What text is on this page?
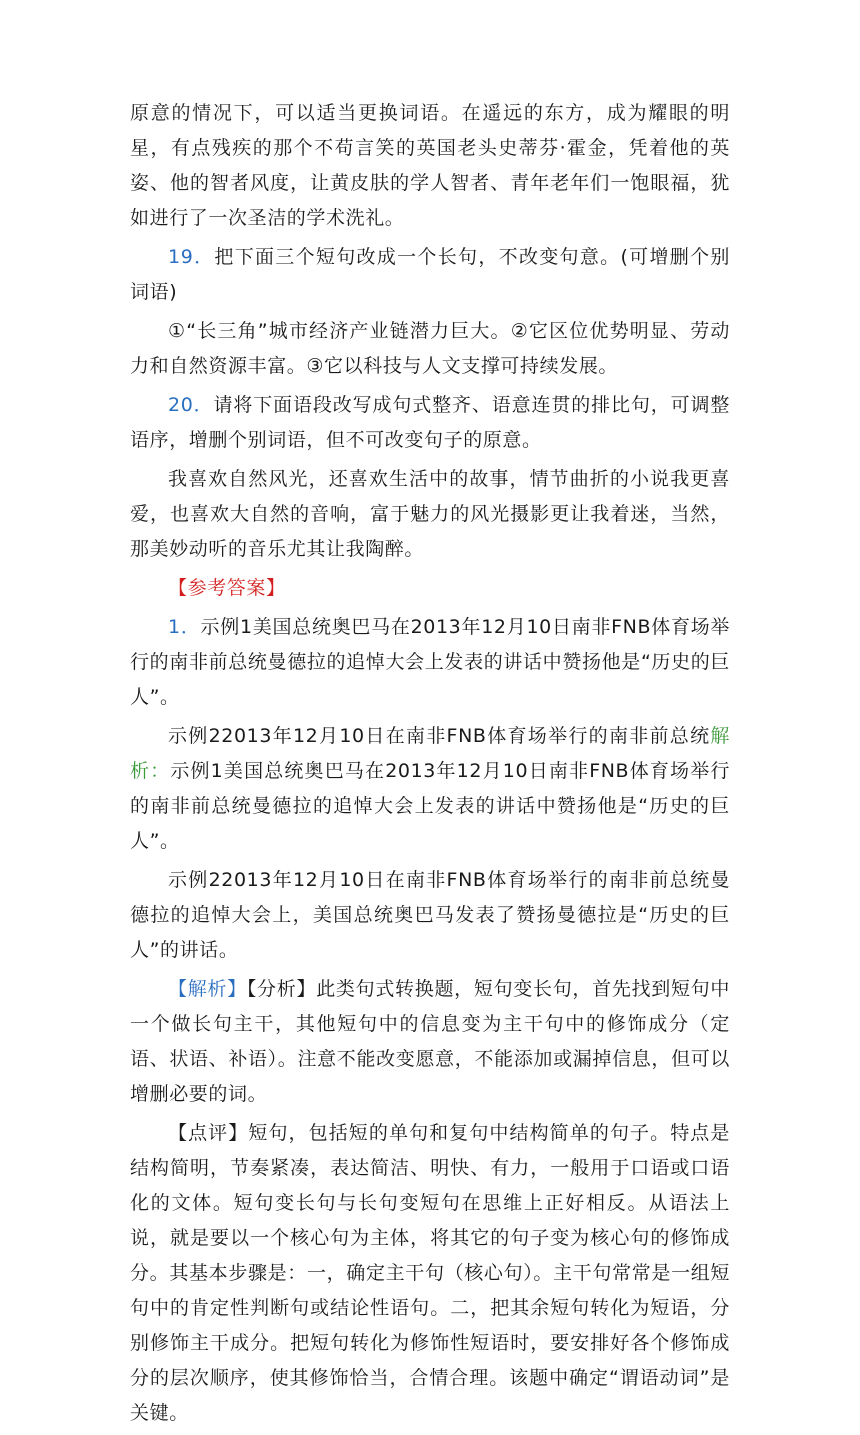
原意的情况下，可以适当更换词语。在遥远的东方，成为耀眼的明星，有点残疾的那个不苟言笑的英国老头史蒂芬·霍金，凭着他的英姿、他的智者风度，让黄皮肤的学人智者、青年老年们一饱眼福，犹如进行了一次圣洁的学术洗礼。

19．把下面三个短句改成一个长句，不改变句意。(可增删个别词语)

①“长三角”城市经济产业链潜力巨大。②它区位优势明显、劳动力和自然资源丰富。③它以科技与人文支撑可持续发展。

20．请将下面语段改写成句式整齐、语意连贯的排比句，可调整语序，增删个别词语，但不可改变句子的原意。

我喜欢自然风光，还喜欢生活中的故事，情节曲折的小说我更喜爱，也喜欢大自然的音响，富于魅力的风光摄影更让我着迷，当然，那美妙动听的音乐尤其让我陶醉。

【参考答案】

1．示例1美国总统奥巴马在2013年12月10日南非FNB体育场举行的南非前总统曼德拉的追悼大会上发表的讲话中赞扬他是“历史的巨人”。

示例22013年12月10日在南非FNB体育场举行的南非前总统解析：示例1美国总统奥巴马在2013年12月10日南非FNB体育场举行的南非前总统曼德拉的追悼大会上发表的讲话中赞扬他是“历史的巨人”。

示例22013年12月10日在南非FNB体育场举行的南非前总统曼德拉的追悼大会上，美国总统奥巴马发表了赞扬曼德拉是“历史的巨人”的讲话。

【解析】【分析】此类句式转换题，短句变长句，首先找到短句中一个做长句主干，其他短句中的信息变为主干句中的修饰成分（定语、状语、补语）。注意不能改变愿意，不能添加或漏掉信息，但可以增删必要的词。

【点评】短句，包括短的单句和复句中结构简单的句子。特点是结构简明，节奏紧凑，表达简洁、明快、有力，一般用于口语或口语化的文体。短句变长句与长句变短句在思维上正好相反。从语法上说，就是要以一个核心句为主体，将其它的句子变为核心句的修饰成分。其基本步骤是：一，确定主干句（核心句）。主干句常常是一组短句中的肯定性判断句或结论性语句。二，把其余短句转化为短语，分别修饰主干成分。把短句转化为修饰性短语时，要安排好各个修饰成分的层次顺序，使其修饰恰当，合情合理。该题中确定“谓语动词”是关键。
